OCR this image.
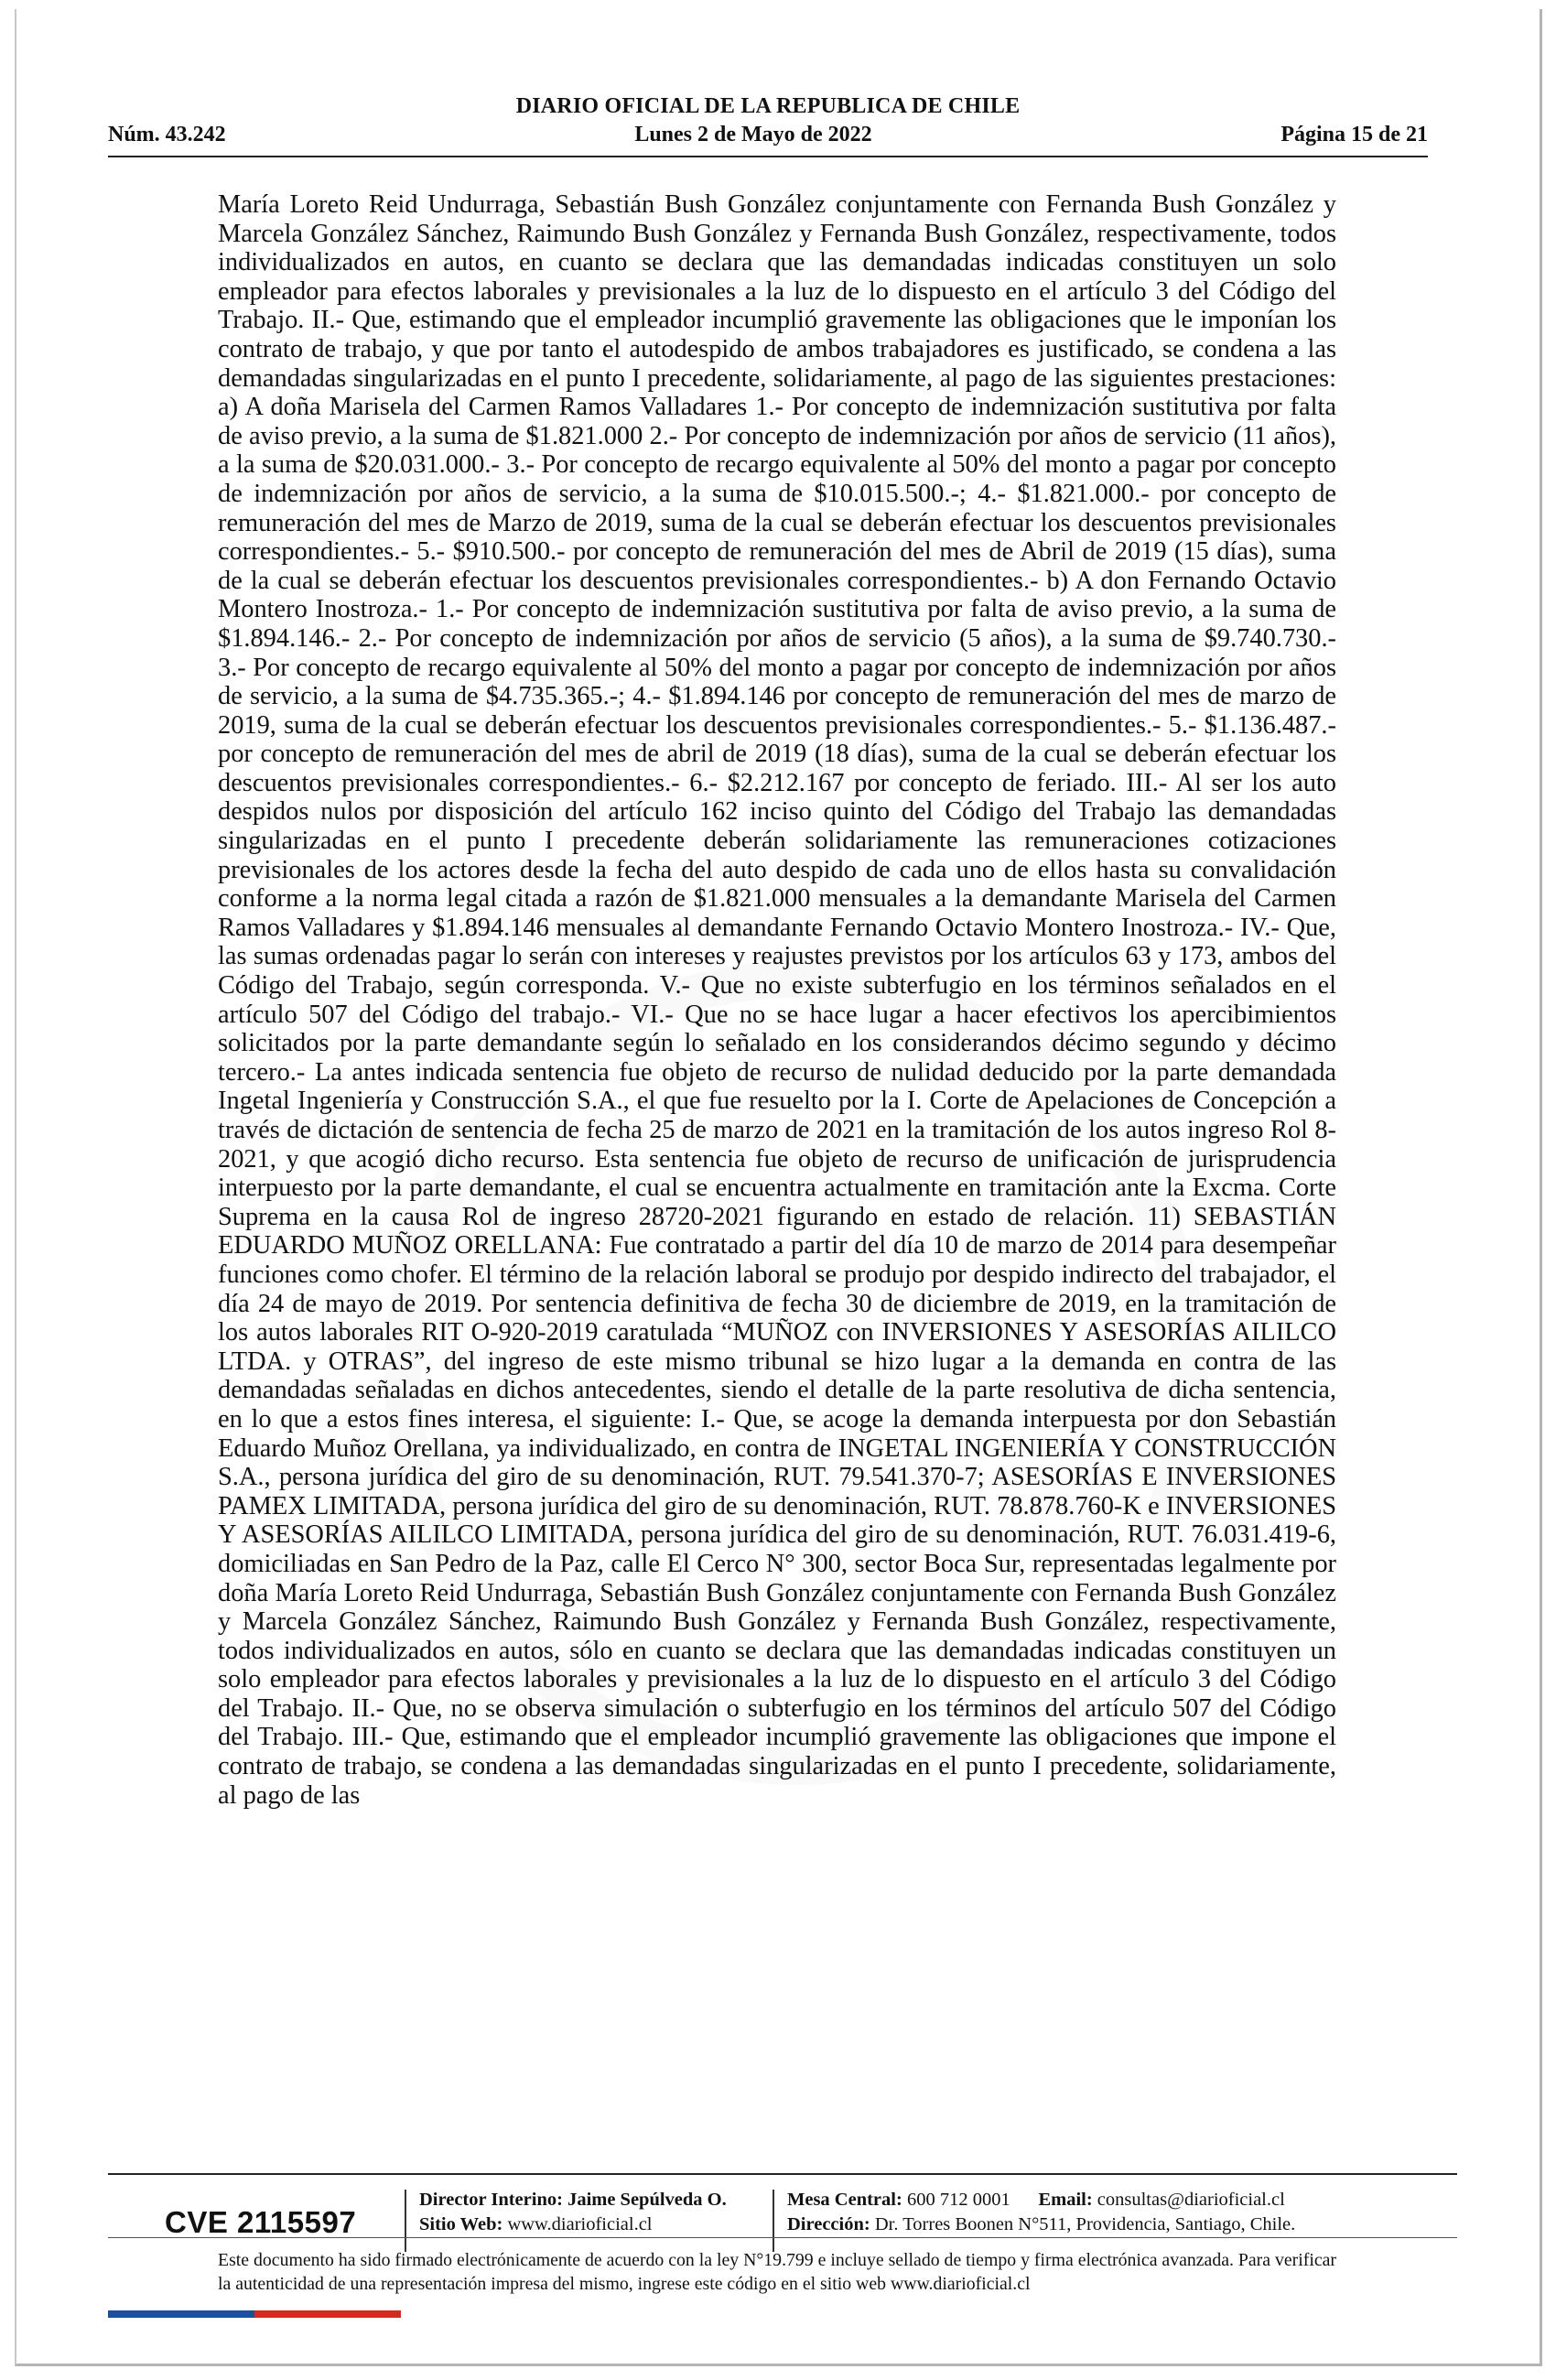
DIARIO OFICIAL DE LA REPUBLICA DE CHILE
Núm. 43.242	Lunes 2 de Mayo de 2022	Página 15 de 21

María Loreto Reid Undurraga, Sebastián Bush González conjuntamente con Fernanda Bush González y Marcela González Sánchez, Raimundo Bush González y Fernanda Bush González, respectivamente, todos individualizados en autos, en cuanto se declara que las demandadas indicadas constituyen un solo empleador para efectos laborales y previsionales a la luz de lo dispuesto en el artículo 3 del Código del Trabajo. II.- Que, estimando que el empleador incumplió gravemente las obligaciones que le imponían los contrato de trabajo, y que por tanto el autodespido de ambos trabajadores es justificado, se condena a las demandadas singularizadas en el punto I precedente, solidariamente, al pago de las siguientes prestaciones: a) A doña Marisela del Carmen Ramos Valladares 1.- Por concepto de indemnización sustitutiva por falta de aviso previo, a la suma de $1.821.000 2.- Por concepto de indemnización por años de servicio (11 años), a la suma de $20.031.000.- 3.- Por concepto de recargo equivalente al 50% del monto a pagar por concepto de indemnización por años de servicio, a la suma de $10.015.500.-; 4.- $1.821.000.- por concepto de remuneración del mes de Marzo de 2019, suma de la cual se deberán efectuar los descuentos previsionales correspondientes.- 5.- $910.500.- por concepto de remuneración del mes de Abril de 2019 (15 días), suma de la cual se deberán efectuar los descuentos previsionales correspondientes.- b) A don Fernando Octavio Montero Inostroza.- 1.- Por concepto de indemnización sustitutiva por falta de aviso previo, a la suma de $1.894.146.- 2.- Por concepto de indemnización por años de servicio (5 años), a la suma de $9.740.730.- 3.- Por concepto de recargo equivalente al 50% del monto a pagar por concepto de indemnización por años de servicio, a la suma de $4.735.365.-; 4.- $1.894.146 por concepto de remuneración del mes de marzo de 2019, suma de la cual se deberán efectuar los descuentos previsionales correspondientes.- 5.- $1.136.487.-por concepto de remuneración del mes de abril de 2019 (18 días), suma de la cual se deberán efectuar los descuentos previsionales correspondientes.- 6.- $2.212.167 por concepto de feriado. III.- Al ser los auto despidos nulos por disposición del artículo 162 inciso quinto del Código del Trabajo las demandadas singularizadas en el punto I precedente deberán solidariamente las remuneraciones cotizaciones previsionales de los actores desde la fecha del auto despido de cada uno de ellos hasta su convalidación conforme a la norma legal citada a razón de $1.821.000 mensuales a la demandante Marisela del Carmen Ramos Valladares y $1.894.146 mensuales al demandante Fernando Octavio Montero Inostroza.- IV.- Que, las sumas ordenadas pagar lo serán con intereses y reajustes previstos por los artículos 63 y 173, ambos del Código del Trabajo, según corresponda. V.- Que no existe subterfugio en los términos señalados en el artículo 507 del Código del trabajo.- VI.- Que no se hace lugar a hacer efectivos los apercibimientos solicitados por la parte demandante según lo señalado en los considerandos décimo segundo y décimo tercero.- La antes indicada sentencia fue objeto de recurso de nulidad deducido por la parte demandada Ingetal Ingeniería y Construcción S.A., el que fue resuelto por la I. Corte de Apelaciones de Concepción a través de dictación de sentencia de fecha 25 de marzo de 2021 en la tramitación de los autos ingreso Rol 8-2021, y que acogió dicho recurso. Esta sentencia fue objeto de recurso de unificación de jurisprudencia interpuesto por la parte demandante, el cual se encuentra actualmente en tramitación ante la Excma. Corte Suprema en la causa Rol de ingreso 28720-2021 figurando en estado de relación. 11) SEBASTIÁN EDUARDO MUÑOZ ORELLANA: Fue contratado a partir del día 10 de marzo de 2014 para desempeñar funciones como chofer. El término de la relación laboral se produjo por despido indirecto del trabajador, el día 24 de mayo de 2019. Por sentencia definitiva de fecha 30 de diciembre de 2019, en la tramitación de los autos laborales RIT O-920-2019 caratulada “MUÑOZ con INVERSIONES Y ASESORÍAS AILILCO LTDA. y OTRAS”, del ingreso de este mismo tribunal se hizo lugar a la demanda en contra de las demandadas señaladas en dichos antecedentes, siendo el detalle de la parte resolutiva de dicha sentencia, en lo que a estos fines interesa, el siguiente: I.- Que, se acoge la demanda interpuesta por don Sebastián Eduardo Muñoz Orellana, ya individualizado, en contra de INGETAL INGENIERÍA Y CONSTRUCCIÓN S.A., persona jurídica del giro de su denominación, RUT. 79.541.370-7; ASESORÍAS E INVERSIONES PAMEX LIMITADA, persona jurídica del giro de su denominación, RUT. 78.878.760-K e INVERSIONES Y ASESORÍAS AILILCO LIMITADA, persona jurídica del giro de su denominación, RUT. 76.031.419-6, domiciliadas en San Pedro de la Paz, calle El Cerco N° 300, sector Boca Sur, representadas legalmente por doña María Loreto Reid Undurraga, Sebastián Bush González conjuntamente con Fernanda Bush González y Marcela González Sánchez, Raimundo Bush González y Fernanda Bush González, respectivamente, todos individualizados en autos, sólo en cuanto se declara que las demandadas indicadas constituyen un solo empleador para efectos laborales y previsionales a la luz de lo dispuesto en el artículo 3 del Código del Trabajo. II.- Que, no se observa simulación o subterfugio en los términos del artículo 507 del Código del Trabajo. III.- Que, estimando que el empleador incumplió gravemente las obligaciones que impone el contrato de trabajo, se condena a las demandadas singularizadas en el punto I precedente, solidariamente, al pago de las

CVE 2115597
Director Interino: Jaime Sepúlveda O.
Sitio Web: www.diarioficial.cl
Mesa Central: 600 712 0001 Email: consultas@diarioficial.cl
Dirección: Dr. Torres Boonen N°511, Providencia, Santiago, Chile.
Este documento ha sido firmado electrónicamente de acuerdo con la ley N°19.799 e incluye sellado de tiempo y firma electrónica avanzada. Para verificar la autenticidad de una representación impresa del mismo, ingrese este código en el sitio web www.diarioficial.cl
